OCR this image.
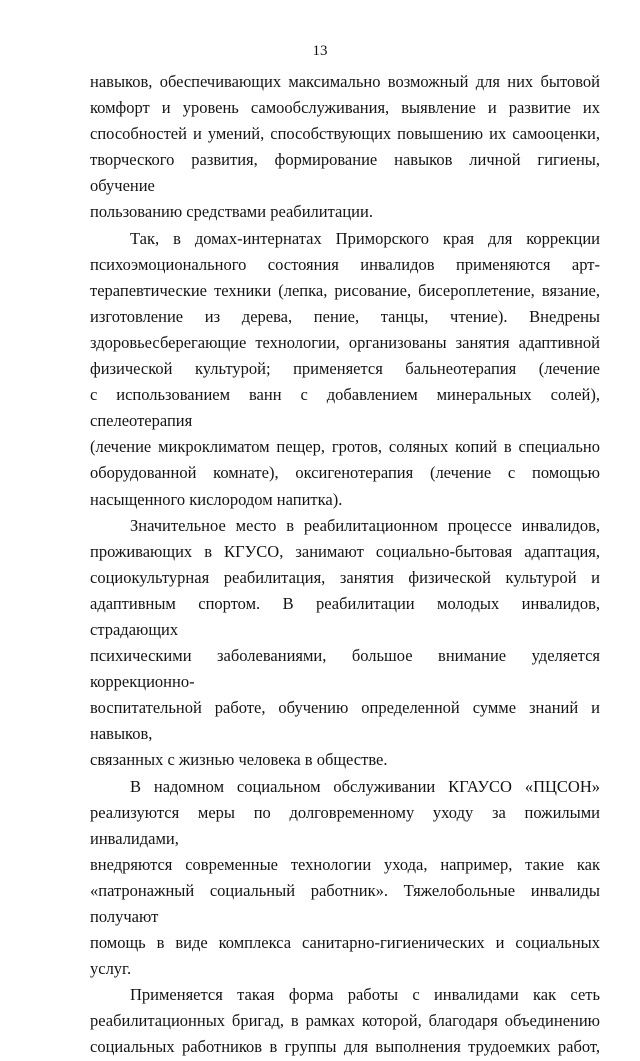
13
навыков, обеспечивающих максимально возможный для них бытовой
комфорт и уровень самообслуживания, выявление и развитие их
способностей и умений, способствующих повышению их самооценки,
творческого развития, формирование навыков личной гигиены, обучение
пользованию средствами реабилитации.
Так, в домах-интернатах Приморского края для коррекции
психоэмоционального состояния инвалидов применяются арт-
терапевтические техники (лепка, рисование, бисероплетение, вязание,
изготовление из дерева, пение, танцы, чтение). Внедрены
здоровьесберегающие технологии, организованы занятия адаптивной
физической культурой; применяется бальнеотерапия (лечение
с использованием ванн с добавлением минеральных солей), спелеотерапия
(лечение микроклиматом пещер, гротов, соляных копий в специально
оборудованной комнате), оксигенотерапия (лечение с помощью
насыщенного кислородом напитка).
Значительное место в реабилитационном процессе инвалидов,
проживающих в КГУСО, занимают социально-бытовая адаптация,
социокультурная реабилитация, занятия физической культурой и
адаптивным спортом. В реабилитации молодых инвалидов, страдающих
психическими заболеваниями, большое внимание уделяется коррекционно-
воспитательной работе, обучению определенной сумме знаний и навыков,
связанных с жизнью человека в обществе.
В надомном социальном обслуживании КГАУСО «ПЦСОН»
реализуются меры по долговременному уходу за пожилыми инвалидами,
внедряются современные технологии ухода, например, такие как
«патронажный социальный работник». Тяжелобольные инвалиды получают
помощь в виде комплекса санитарно-гигиенических и социальных услуг.
Применяется такая форма работы с инвалидами как сеть
реабилитационных бригад, в рамках которой, благодаря объединению
социальных работников в группы для выполнения трудоемких работ,
